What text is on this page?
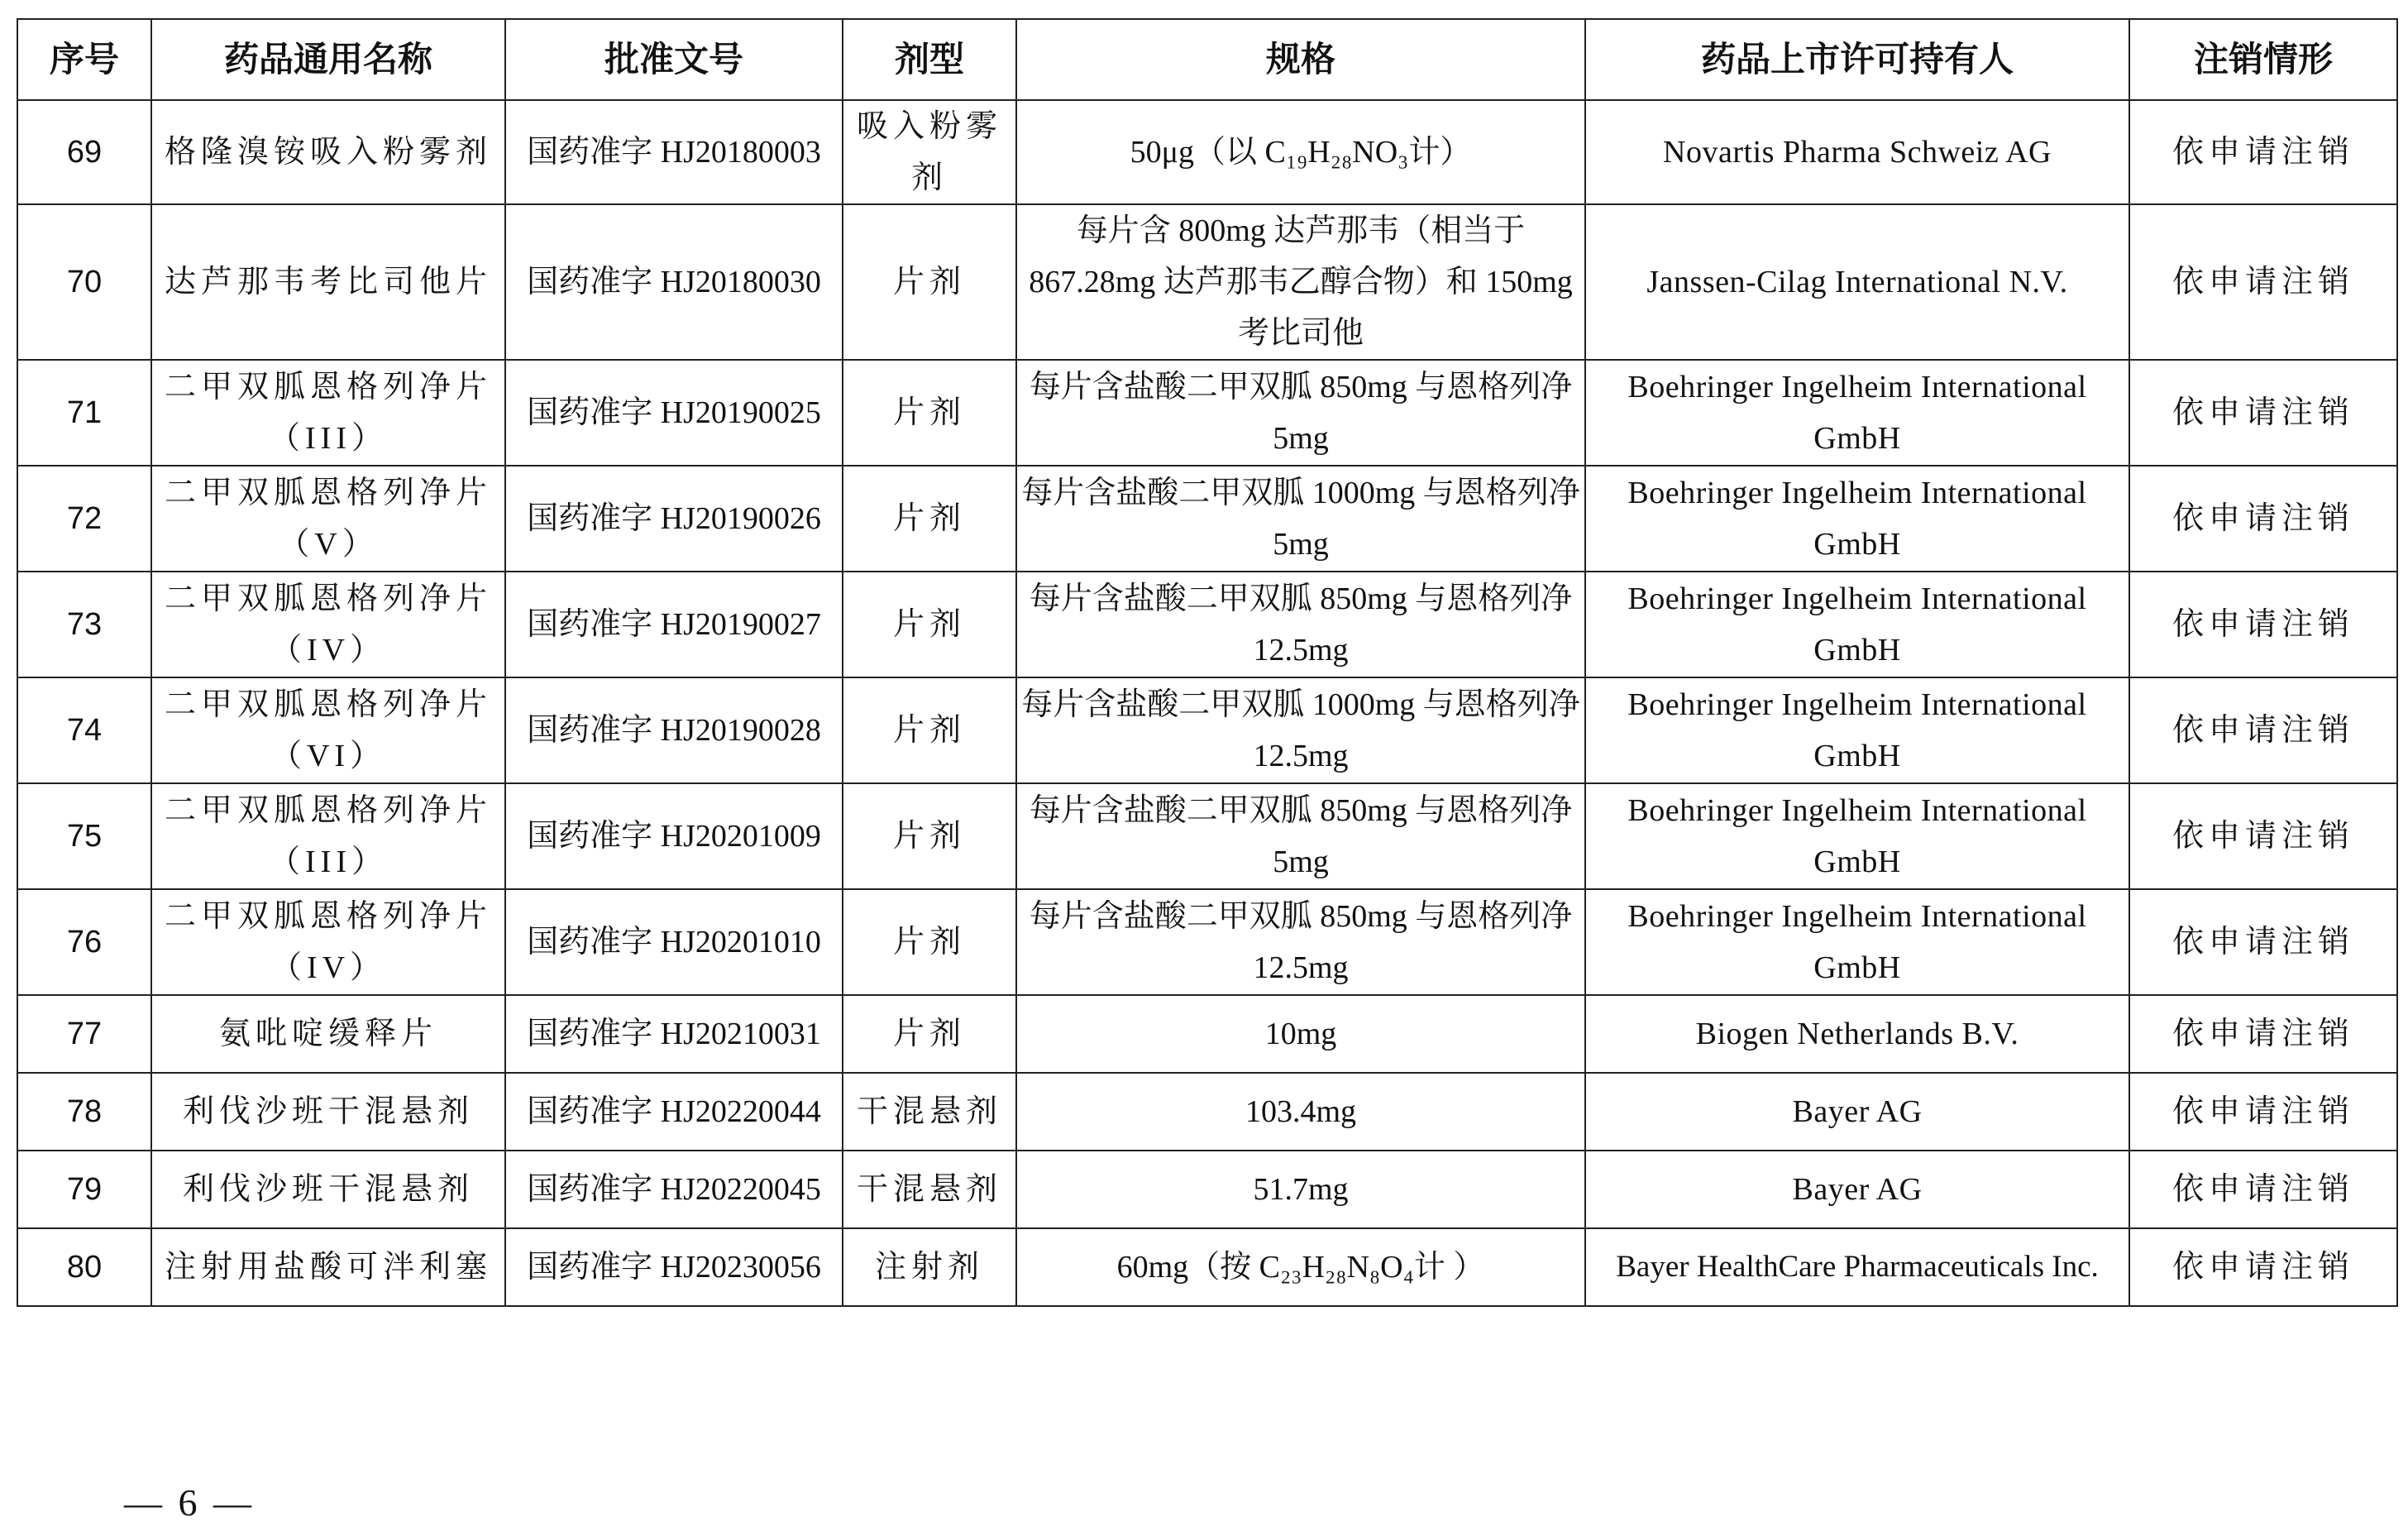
序号	药品通用名称	批准文号	剂型	规格	药品上市许可持有人	注销情形
69	格隆溴铵吸入粉雾剂	国药准字 HJ20180003	吸入粉雾剂	50μg（以 C₁₉H₂₈NO₃计）	Novartis Pharma Schweiz AG	依申请注销
70	达芦那韦考比司他片	国药准字 HJ20180030	片剂	每片含 800mg 达芦那韦（相当于 867.28mg 达芦那韦乙醇合物）和 150mg 考比司他	Janssen-Cilag International N.V.	依申请注销
71	二甲双胍恩格列净片（III）	国药准字 HJ20190025	片剂	每片含盐酸二甲双胍 850mg 与恩格列净 5mg	Boehringer Ingelheim International GmbH	依申请注销
72	二甲双胍恩格列净片（V）	国药准字 HJ20190026	片剂	每片含盐酸二甲双胍 1000mg 与恩格列净 5mg	Boehringer Ingelheim International GmbH	依申请注销
73	二甲双胍恩格列净片（IV）	国药准字 HJ20190027	片剂	每片含盐酸二甲双胍 850mg 与恩格列净 12.5mg	Boehringer Ingelheim International GmbH	依申请注销
74	二甲双胍恩格列净片（VI）	国药准字 HJ20190028	片剂	每片含盐酸二甲双胍 1000mg 与恩格列净 12.5mg	Boehringer Ingelheim International GmbH	依申请注销
75	二甲双胍恩格列净片（III）	国药准字 HJ20201009	片剂	每片含盐酸二甲双胍 850mg 与恩格列净 5mg	Boehringer Ingelheim International GmbH	依申请注销
76	二甲双胍恩格列净片（IV）	国药准字 HJ20201010	片剂	每片含盐酸二甲双胍 850mg 与恩格列净 12.5mg	Boehringer Ingelheim International GmbH	依申请注销
77	氨吡啶缓释片	国药准字 HJ20210031	片剂	10mg	Biogen Netherlands B.V.	依申请注销
78	利伐沙班干混悬剂	国药准字 HJ20220044	干混悬剂	103.4mg	Bayer AG	依申请注销
79	利伐沙班干混悬剂	国药准字 HJ20220045	干混悬剂	51.7mg	Bayer AG	依申请注销
80	注射用盐酸可泮利塞	国药准字 HJ20230056	注射剂	60mg（按 C₂₃H₂₈N₈O₄计 ）	Bayer HealthCare Pharmaceuticals Inc.	依申请注销
— 6 —
